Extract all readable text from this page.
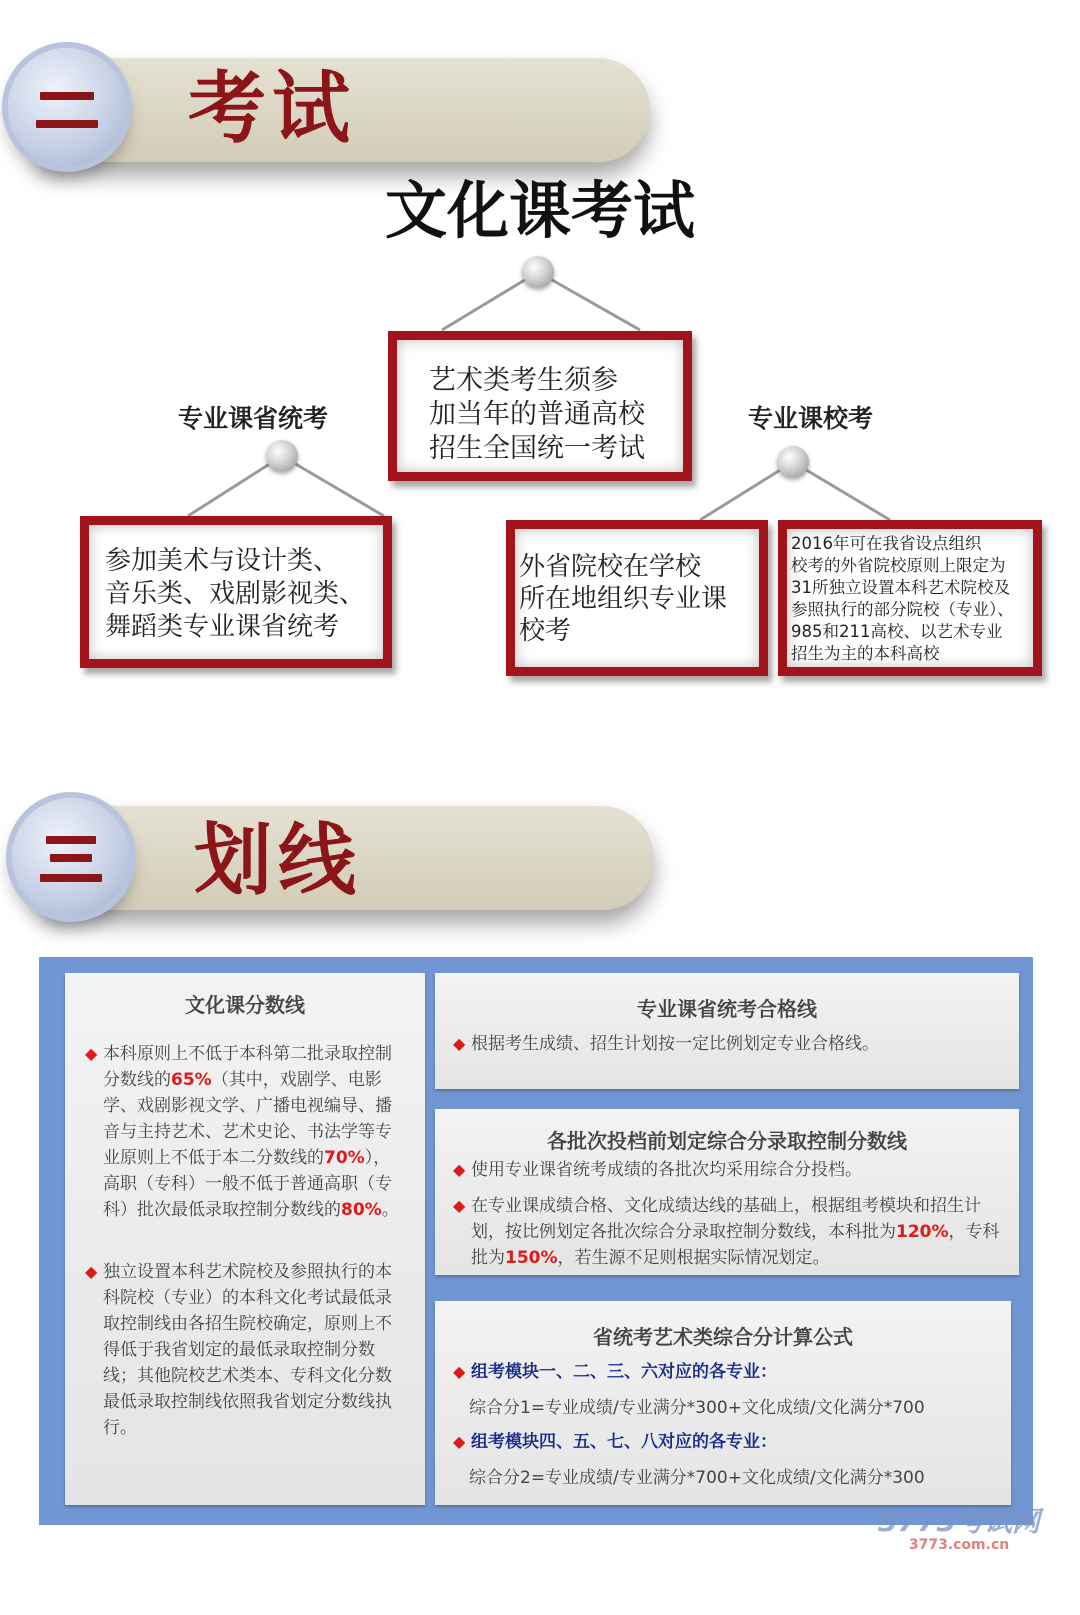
考试
文化课考试
艺术类考生须参
加当年的普通高校
招生全国统一考试
专业课省统考	专业课校考
参加美术与设计类、
音乐类、戏剧影视类、
舞蹈类专业课省统考
外省院校在学校
所在地组织专业课
校考
2016年可在我省设点组织
校考的外省院校原则上限定为
31所独立设置本科艺术院校及
参照执行的部分院校（专业）、
985和211高校、以艺术专业
招生为主的本科高校
划线
文化课分数线
◆ 本科原则上不低于本科第二批录取控制分数线的65%（其中，戏剧学、电影学、戏剧影视文学、广播电视编导、播音与主持艺术、艺术史论、书法学等专业原则上不低于本二分数线的70%），高职（专科）一般不低于普通高职（专科）批次最低录取控制分数线的80%。
◆ 独立设置本科艺术院校及参照执行的本科院校（专业）的本科文化考试最低录取控制线由各招生院校确定，原则上不得低于我省划定的最低录取控制分数线；其他院校艺术类本、专科文化分数最低录取控制线依照我省划定分数线执行。
专业课省统考合格线
◆ 根据考生成绩、招生计划按一定比例划定专业合格线。
各批次投档前划定综合分录取控制分数线
◆ 使用专业课省统考成绩的各批次均采用综合分投档。
◆ 在专业课成绩合格、文化成绩达线的基础上，根据组考模块和招生计划，按比例划定各批次综合分录取控制分数线，本科批为120%，专科批为150%，若生源不足则根据实际情况划定。
省统考艺术类综合分计算公式
◆ 组考模块一、二、三、六对应的各专业：
综合分1=专业成绩/专业满分*300+文化成绩/文化满分*700
◆ 组考模块四、五、七、八对应的各专业：
综合分2=专业成绩/专业满分*700+文化成绩/文化满分*300
3773考试网
3773.com.cn
